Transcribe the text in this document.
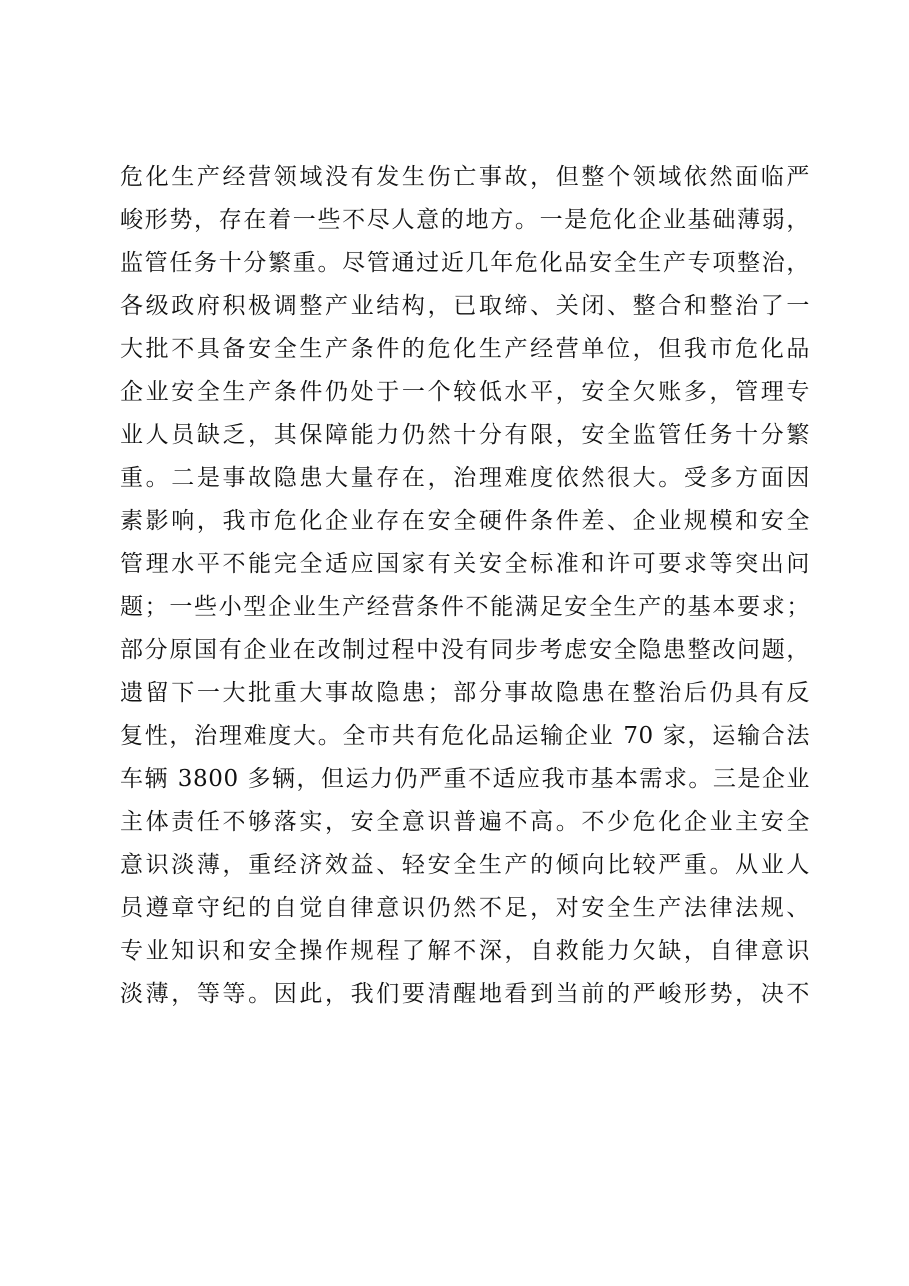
危化生产经营领域没有发生伤亡事故，但整个领域依然面临严
峻形势，存在着一些不尽人意的地方。一是危化企业基础薄弱，
监管任务十分繁重。尽管通过近几年危化品安全生产专项整治，
各级政府积极调整产业结构，已取缔、关闭、整合和整治了一
大批不具备安全生产条件的危化生产经营单位，但我市危化品
企业安全生产条件仍处于一个较低水平，安全欠账多，管理专
业人员缺乏，其保障能力仍然十分有限，安全监管任务十分繁
重。二是事故隐患大量存在，治理难度依然很大。受多方面因
素影响，我市危化企业存在安全硬件条件差、企业规模和安全
管理水平不能完全适应国家有关安全标准和许可要求等突出问
题；一些小型企业生产经营条件不能满足安全生产的基本要求；
部分原国有企业在改制过程中没有同步考虑安全隐患整改问题，
遗留下一大批重大事故隐患；部分事故隐患在整治后仍具有反
复性，治理难度大。全市共有危化品运输企业 70 家，运输合法
车辆 3800 多辆，但运力仍严重不适应我市基本需求。三是企业
主体责任不够落实，安全意识普遍不高。不少危化企业主安全
意识淡薄，重经济效益、轻安全生产的倾向比较严重。从业人
员遵章守纪的自觉自律意识仍然不足，对安全生产法律法规、
专业知识和安全操作规程了解不深，自救能力欠缺，自律意识
淡薄，等等。因此，我们要清醒地看到当前的严峻形势，决不
